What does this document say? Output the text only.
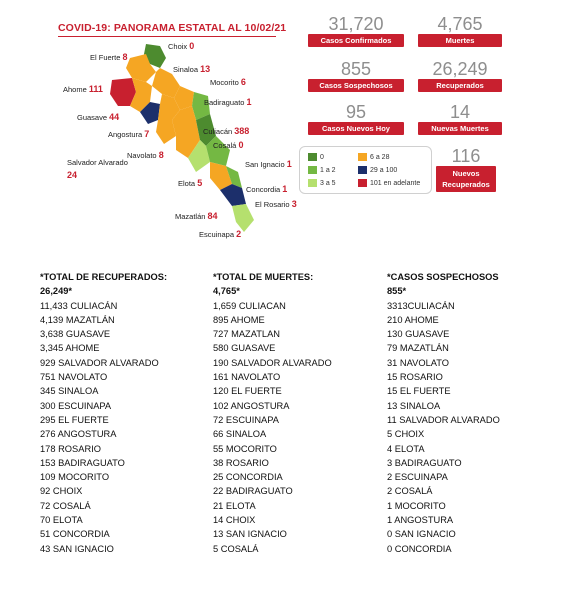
COVID-19: PANORAMA ESTATAL AL 10/02/21
Choix 0
El Fuerte 8
Sinaloa 13
Ahome 111
Mocorito 6
Badiraguato 1
Guasave 44
Angostura 7	Culiacán 388
Navolato 8
Cosalá 0
Salvador Alvarado 24
San Ignacio 1
Elota 5
Concordia 1
El Rosario 3
Mazatlán 84
Escuinapa 2
31,720
Casos Confirmados
4,765
Muertes
855
Casos Sospechosos
26,249
Recuperados
95
Casos Nuevos Hoy
14
Nuevas Muertes
116
Nuevos Recuperados
0	6 a 28
1 a 2	29 a 100
3 a 5	101 en adelante
*TOTAL DE RECUPERADOS:
26,249*
11,433 CULIACÁN
4,139 MAZATLÁN
3,638 GUASAVE
3,345 AHOME
929 SALVADOR ALVARADO
751 NAVOLATO
345 SINALOA
300 ESCUINAPA
295 EL FUERTE
276 ANGOSTURA
178 ROSARIO
153 BADIRAGUATO
109 MOCORITO
92 CHOIX
72 COSALÁ
70 ELOTA
51 CONCORDIA
43 SAN IGNACIO
*TOTAL DE MUERTES:
4,765*
1,659 CULIACAN
895 AHOME
727 MAZATLAN
580 GUASAVE
190 SALVADOR ALVARADO
161 NAVOLATO
120 EL FUERTE
102 ANGOSTURA
72 ESCUINAPA
66 SINALOA
55 MOCORITO
38 ROSARIO
25 CONCORDIA
22 BADIRAGUATO
21 ELOTA
14 CHOIX
13 SAN IGNACIO
5 COSALÁ
*CASOS SOSPECHOSOS
855*
3313CULIACÁN
210 AHOME
130 GUASAVE
79 MAZATLÁN
31 NAVOLATO
15 ROSARIO
15 EL FUERTE
13 SINALOA
11 SALVADOR ALVARADO
5 CHOIX
4 ELOTA
3 BADIRAGUATO
2 ESCUINAPA
2 COSALÁ
1 MOCORITO
1 ANGOSTURA
0 SAN IGNACIO
0 CONCORDIA
